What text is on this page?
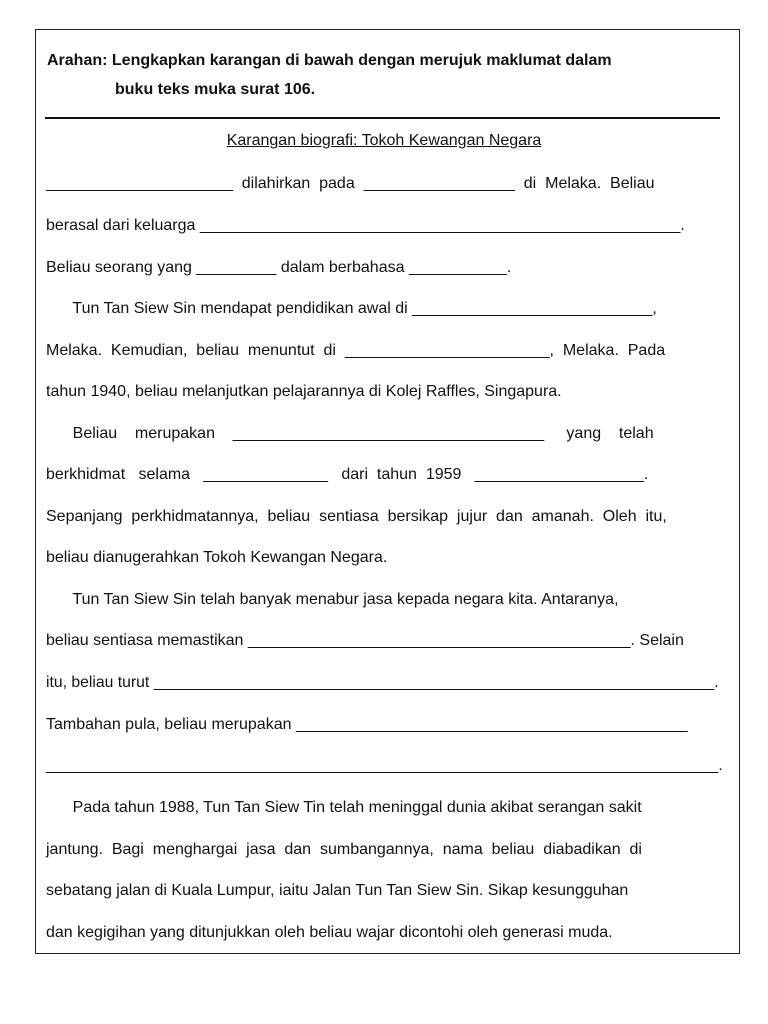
Arahan: Lengkapkan karangan di bawah dengan merujuk maklumat dalam
buku teks muka surat 106.
Karangan biografi: Tokoh Kewangan Negara
_____________________  dilahirkan  pada  _________________  di  Melaka.  Beliau
berasal dari keluarga ______________________________________________________.
Beliau seorang yang _________ dalam berbahasa ___________.
Tun Tan Siew Sin mendapat pendidikan awal di ___________________________,
Melaka.  Kemudian,  beliau  menuntut  di  _______________________,  Melaka.  Pada
tahun 1940, beliau melanjutkan pelajarannya di Kolej Raffles, Singapura.
Beliau    merupakan    ___________________________________     yang    telah
berkhidmat   selama   ______________   dari  tahun  1959   ___________________.
Sepanjang  perkhidmatannya,  beliau  sentiasa  bersikap  jujur  dan  amanah.  Oleh  itu,
beliau dianugerahkan Tokoh Kewangan Negara.
Tun Tan Siew Sin telah banyak menabur jasa kepada negara kita. Antaranya,
beliau sentiasa memastikan ___________________________________________. Selain
itu, beliau turut ________________________________________________________________.
Tambahan pula, beliau merupakan ____________________________________________
______________________________________________________________________________.
Pada tahun 1988, Tun Tan Siew Tin telah meninggal dunia akibat serangan sakit
jantung.  Bagi  menghargai  jasa  dan  sumbangannya,  nama  beliau  diabadikan  di
sebatang jalan di Kuala Lumpur, iaitu Jalan Tun Tan Siew Sin. Sikap kesungguhan
dan kegigihan yang ditunjukkan oleh beliau wajar dicontohi oleh generasi muda.
